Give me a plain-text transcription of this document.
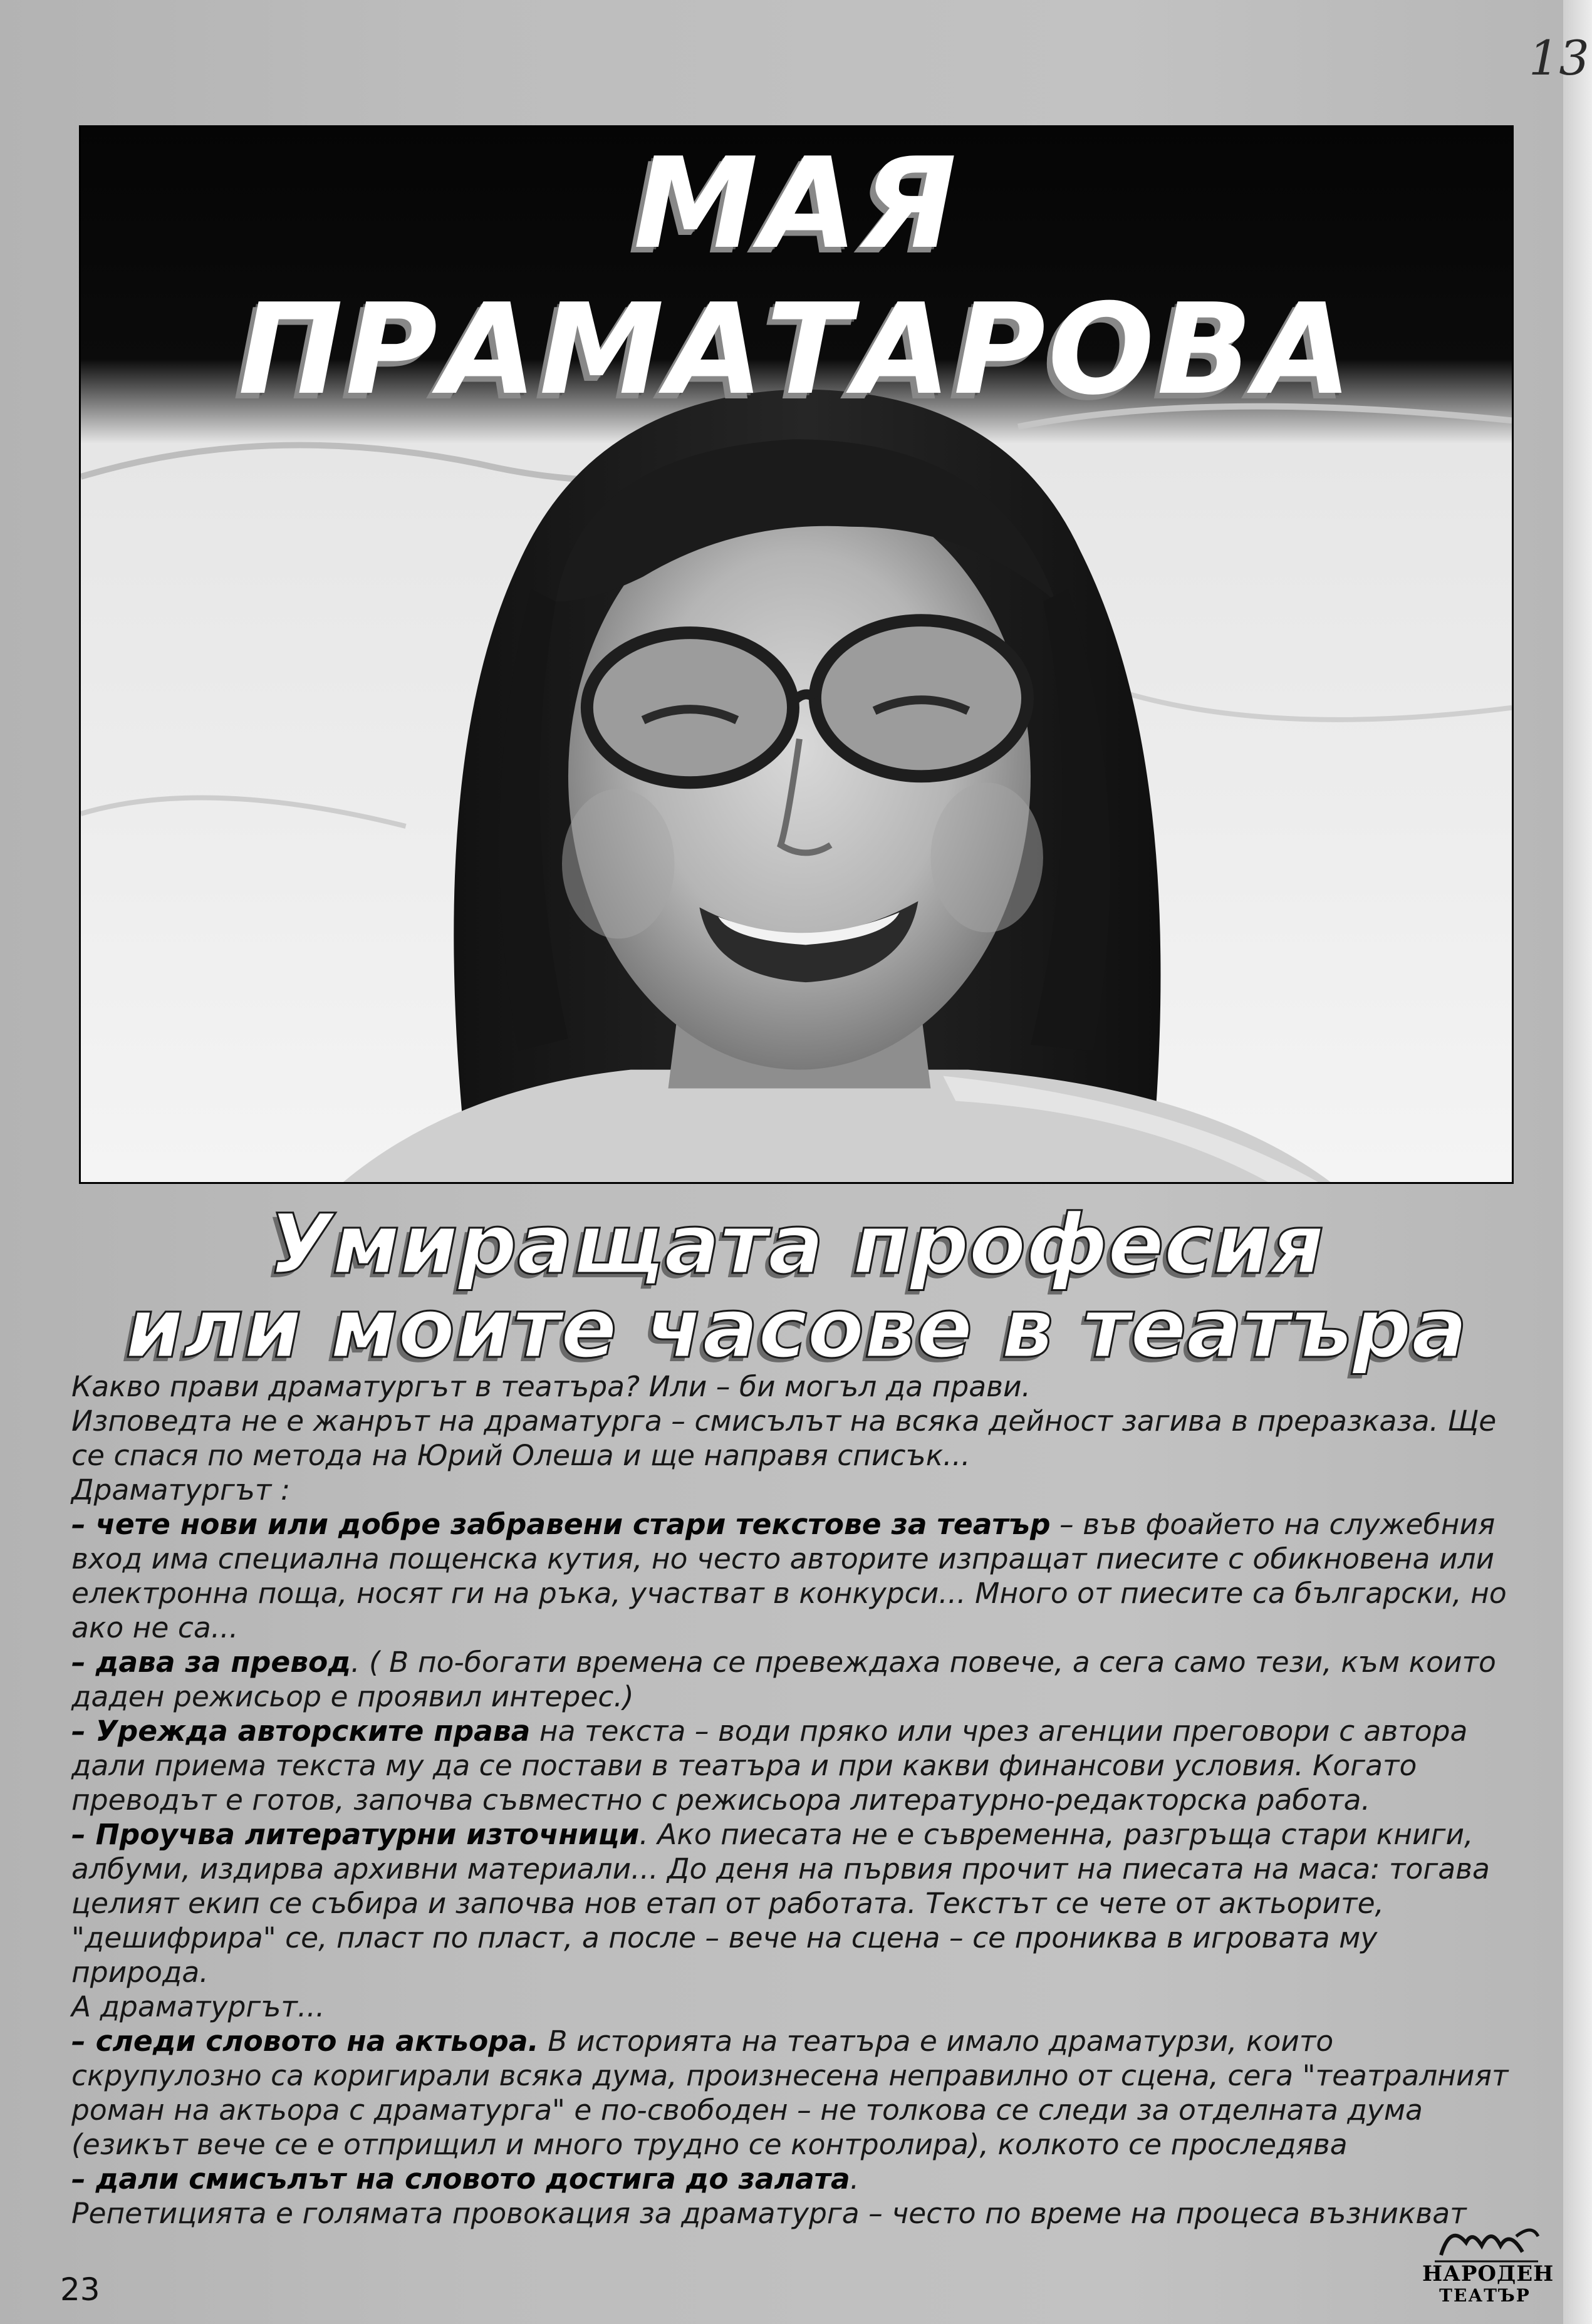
13
МАЯ ПРАМАТАРОВА
Умиращата професия
или моите часове в театъра

Какво прави драматургът в театъра? Или – би могъл да прави.

Изповедта не е жанрът на драматурга – смисълът на всяка дейност загива в преразказа. Ще се спася по метода на Юрий Олеша и ще направя списък...

Драматургът :

– чете нови или добре забравени стари текстове за театър – във фоайето на служебния вход има специална пощенска кутия, но често авторите изпращат пиесите с обикновена или електронна поща, носят ги на ръка, участват в конкурси... Много от пиесите са български, но ако не са...

– дава за превод. ( В по-богати времена се превеждаха повече, а сега само тези, към които даден режисьор е проявил интерес.)

– Урежда авторските права на текста – води пряко или чрез агенции преговори с автора дали приема текста му да се постави в театъра и при какви финансови условия. Когато преводът е готов, започва съвместно с режисьора литературно-редакторска работа.

– Проучва литературни източници. Ако пиесата не е съвременна, разгръща стари книги, албуми, издирва архивни материали... До деня на първия прочит на пиесата на маса: тогава целият екип се събира и започва нов етап от работата. Текстът се чете от актьорите, "дешифрира" се, пласт по пласт, а после – вече на сцена – се прониква в игровата му природа.

А драматургът...

– следи словото на актьора. В историята на театъра е имало драматурзи, които скрупулозно са коригирали всяка дума, произнесена неправилно от сцена, сега "театралният роман на актьора с драматурга" е по-свободен – не толкова се следи за отделната дума (езикът вече се е отприщил и много трудно се контролира), колкото се проследява

– дали смисълът на словото достига до залата.

Репетицията е голямата провокация за драматурга – често по време на процеса възникват

23	НАРОДЕН
ТЕАТЪР
